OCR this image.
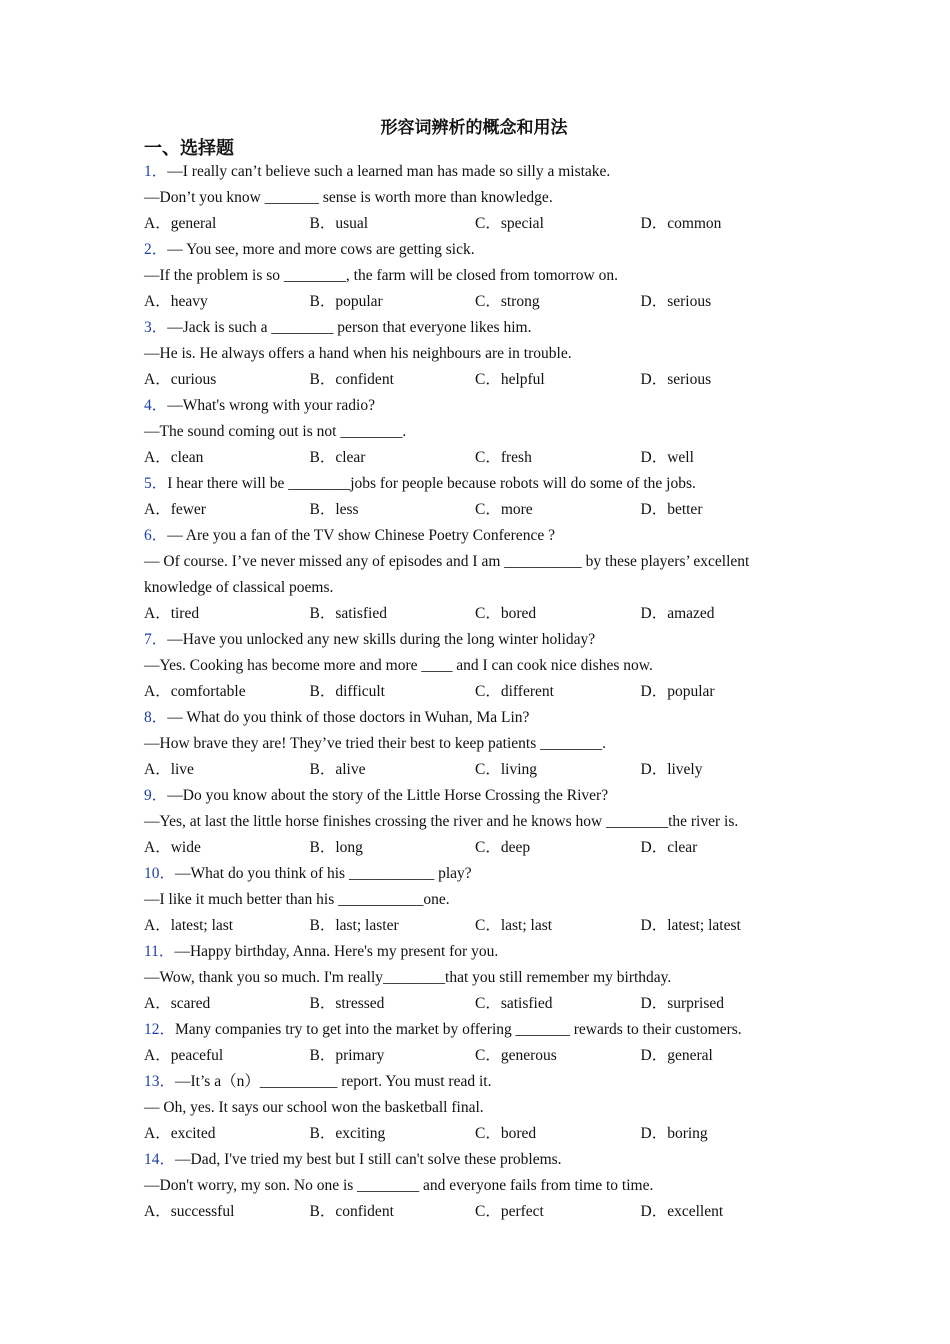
形容词辨析的概念和用法
一、选择题
1．—I really can’t believe such a learned man has made so silly a mistake.
—Don’t you know _______ sense is worth more than knowledge.
A．general	B．usual	C．special	D．common
2．— You see, more and more cows are getting sick.
—If the problem is so ________, the farm will be closed from tomorrow on.
A．heavy	B．popular	C．strong	D．serious
3．—Jack is such a ________ person that everyone likes him.
—He is. He always offers a hand when his neighbours are in trouble.
A．curious	B．confident	C．helpful	D．serious
4．—What's wrong with your radio?
—The sound coming out is not ________.
A．clean	B．clear	C．fresh	D．well
5．I hear there will be ________jobs for people because robots will do some of the jobs.
A．fewer	B．less	C．more	D．better
6．— Are you a fan of the TV show Chinese Poetry Conference ?
— Of course. I’ve never missed any of episodes and I am __________ by these players’ excellent knowledge of classical poems.
A．tired	B．satisfied	C．bored	D．amazed
7．—Have you unlocked any new skills during the long winter holiday?
—Yes. Cooking has become more and more ____ and I can cook nice dishes now.
A．comfortable	B．difficult	C．different	D．popular
8．— What do you think of those doctors in Wuhan, Ma Lin?
—How brave they are! They’ve tried their best to keep patients ________.
A．live	B．alive	C．living	D．lively
9．—Do you know about the story of the Little Horse Crossing the River?
—Yes, at last the little horse finishes crossing the river and he knows how ________the river is.
A．wide	B．long	C．deep	D．clear
10．—What do you think of his ___________ play?
—I like it much better than his ___________one.
A．latest; last	B．last; laster	C．last; last	D．latest; latest
11．—Happy birthday, Anna. Here's my present for you.
—Wow, thank you so much. I'm really________that you still remember my birthday.
A．scared	B．stressed	C．satisfied	D．surprised
12．Many companies try to get into the market by offering _______ rewards to their customers.
A．peaceful	B．primary	C．generous	D．general
13．—It’s a（n）__________ report. You must read it.
— Oh, yes. It says our school won the basketball final.
A．excited	B．exciting	C．bored	D．boring
14．—Dad, I've tried my best but I still can't solve these problems.
—Don't worry, my son. No one is ________ and everyone fails from time to time.
A．successful	B．confident	C．perfect	D．excellent
